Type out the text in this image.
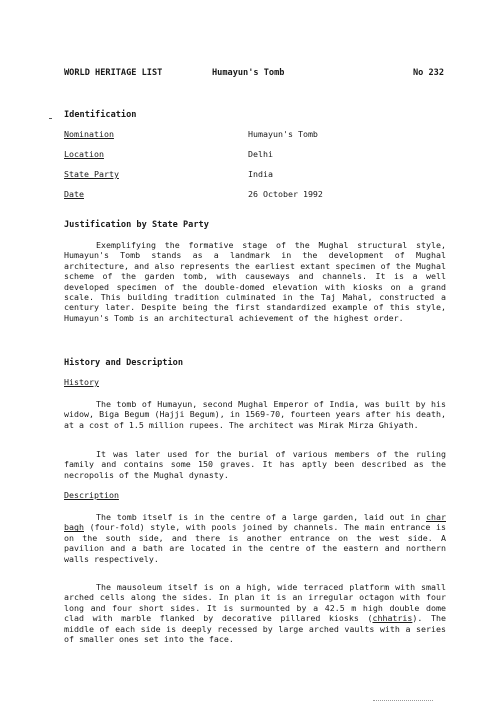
WORLD HERITAGE LIST	Humayun's Tomb	No 232
Identification
Nomination	Humayun's Tomb
Location	Delhi
State Party	India
Date	26 October 1992
Justification by State Party
Exemplifying the formative stage of the Mughal structural style, Humayun's Tomb stands as a landmark in the development of Mughal architecture, and also represents the earliest extant specimen of the Mughal scheme of the garden tomb, with causeways and channels. It is a well developed specimen of the double-domed elevation with kiosks on a grand scale. This building tradition culminated in the Taj Mahal, constructed a century later. Despite being the first standardized example of this style, Humayun's Tomb is an architectural achievement of the highest order.
History and Description
History
The tomb of Humayun, second Mughal Emperor of India, was built by his widow, Biga Begum (Hajji Begum), in 1569-70, fourteen years after his death, at a cost of 1.5 million rupees. The architect was Mirak Mirza Ghiyath.
It was later used for the burial of various members of the ruling family and contains some 150 graves. It has aptly been described as the necropolis of the Mughal dynasty.
Description
The tomb itself is in the centre of a large garden, laid out in char bagh (four-fold) style, with pools joined by channels. The main entrance is on the south side, and there is another entrance on the west side. A pavilion and a bath are located in the centre of the eastern and northern walls respectively.
The mausoleum itself is on a high, wide terraced platform with small arched cells along the sides. In plan it is an irregular octagon with four long and four short sides. It is surmounted by a 42.5 m high double dome clad with marble flanked by decorative pillared kiosks (chhatris). The middle of each side is deeply recessed by large arched vaults with a series of smaller ones set into the face.
